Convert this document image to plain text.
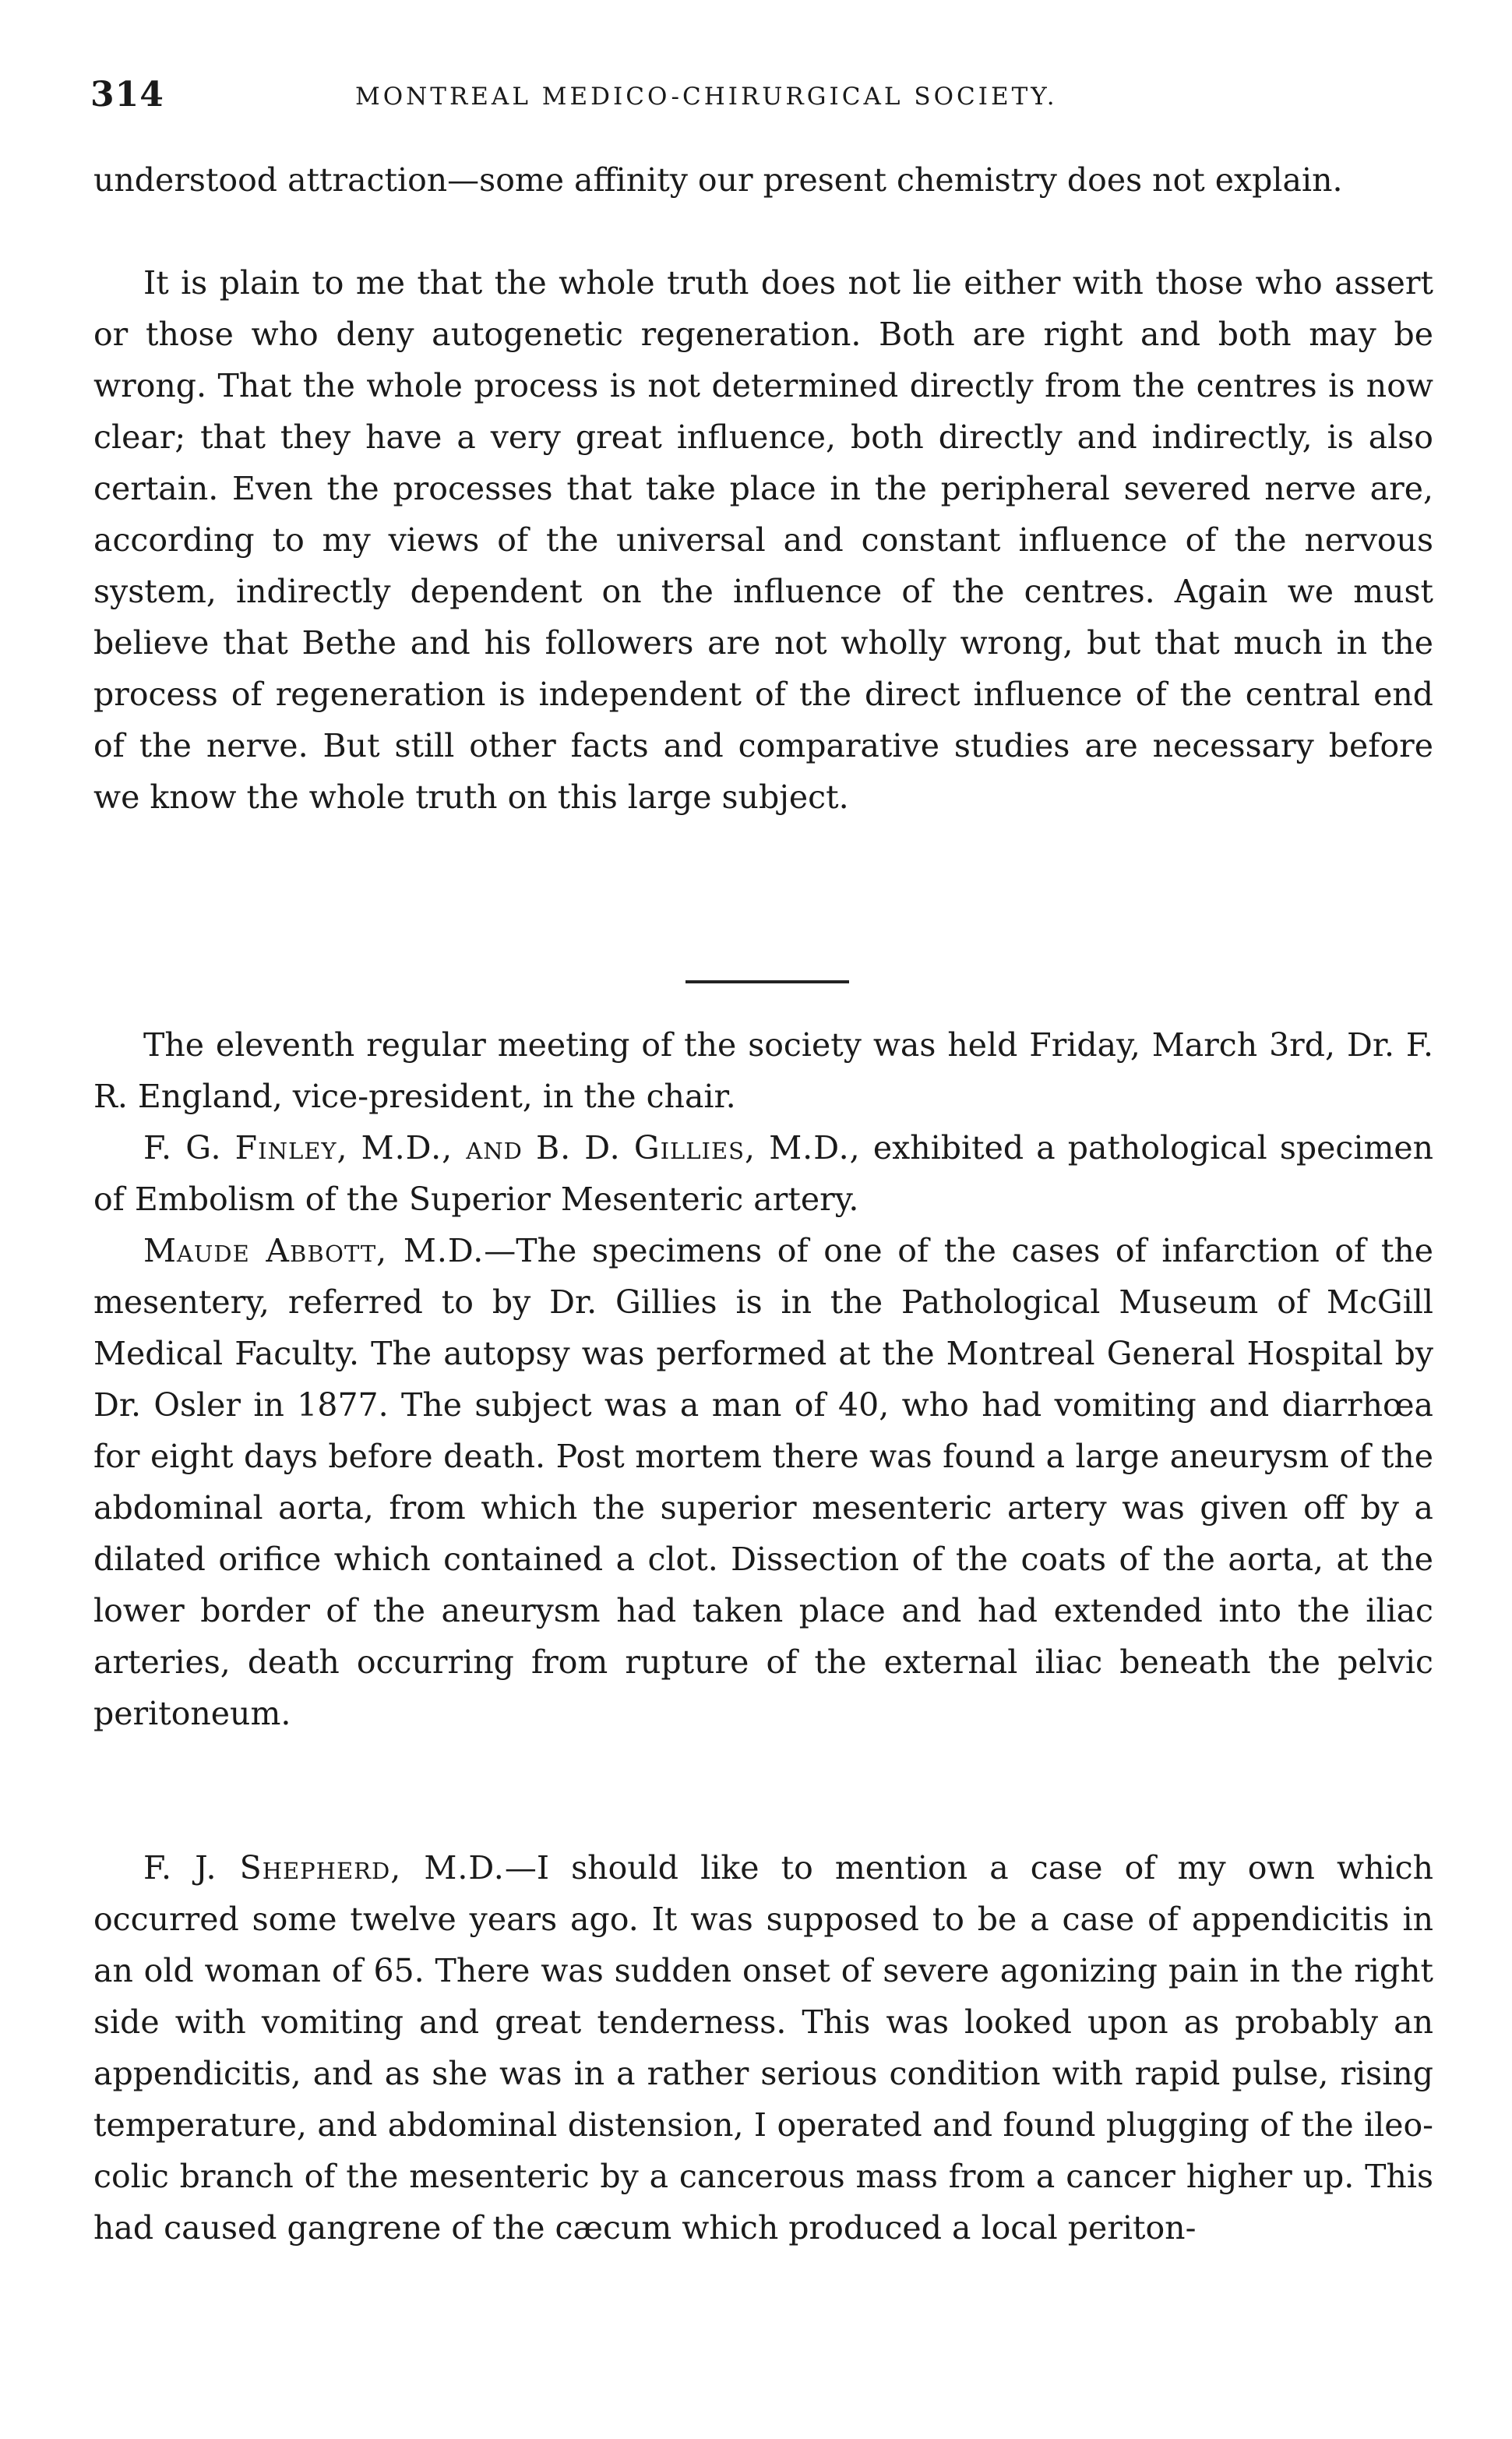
314	MONTREAL MEDICO-CHIRURGICAL SOCIETY.

understood attraction—some affinity our present chemistry does not explain.

It is plain to me that the whole truth does not lie either with those who assert or those who deny autogenetic regeneration. Both are right and both may be wrong. That the whole process is not determined directly from the centres is now clear; that they have a very great influence, both directly and indirectly, is also certain. Even the processes that take place in the peripheral severed nerve are, according to my views of the universal and constant influence of the nervous system, indirectly dependent on the influence of the centres. Again we must believe that Bethe and his followers are not wholly wrong, but that much in the process of regeneration is independent of the direct influence of the central end of the nerve. But still other facts and comparative studies are necessary before we know the whole truth on this large subject.

The eleventh regular meeting of the society was held Friday, March 3rd, Dr. F. R. England, vice-president, in the chair.

F. G. Finley, M.D., and B. D. Gillies, M.D., exhibited a pathological specimen of Embolism of the Superior Mesenteric artery.

Maude Abbott, M.D.—The specimens of one of the cases of infarction of the mesentery, referred to by Dr. Gillies is in the Pathological Museum of McGill Medical Faculty. The autopsy was performed at the Montreal General Hospital by Dr. Osler in 1877. The subject was a man of 40, who had vomiting and diarrhœa for eight days before death. Post mortem there was found a large aneurysm of the abdominal aorta, from which the superior mesenteric artery was given off by a dilated orifice which contained a clot. Dissection of the coats of the aorta, at the lower border of the aneurysm had taken place and had extended into the iliac arteries, death occurring from rupture of the external iliac beneath the pelvic peritoneum.

F. J. Shepherd, M.D.—I should like to mention a case of my own which occurred some twelve years ago. It was supposed to be a case of appendicitis in an old woman of 65. There was sudden onset of severe agonizing pain in the right side with vomiting and great tenderness. This was looked upon as probably an appendicitis, and as she was in a rather serious condition with rapid pulse, rising temperature, and abdominal distension, I operated and found plugging of the ileo-colic branch of the mesenteric by a cancerous mass from a cancer higher up. This had caused gangrene of the cæcum which produced a local periton-
